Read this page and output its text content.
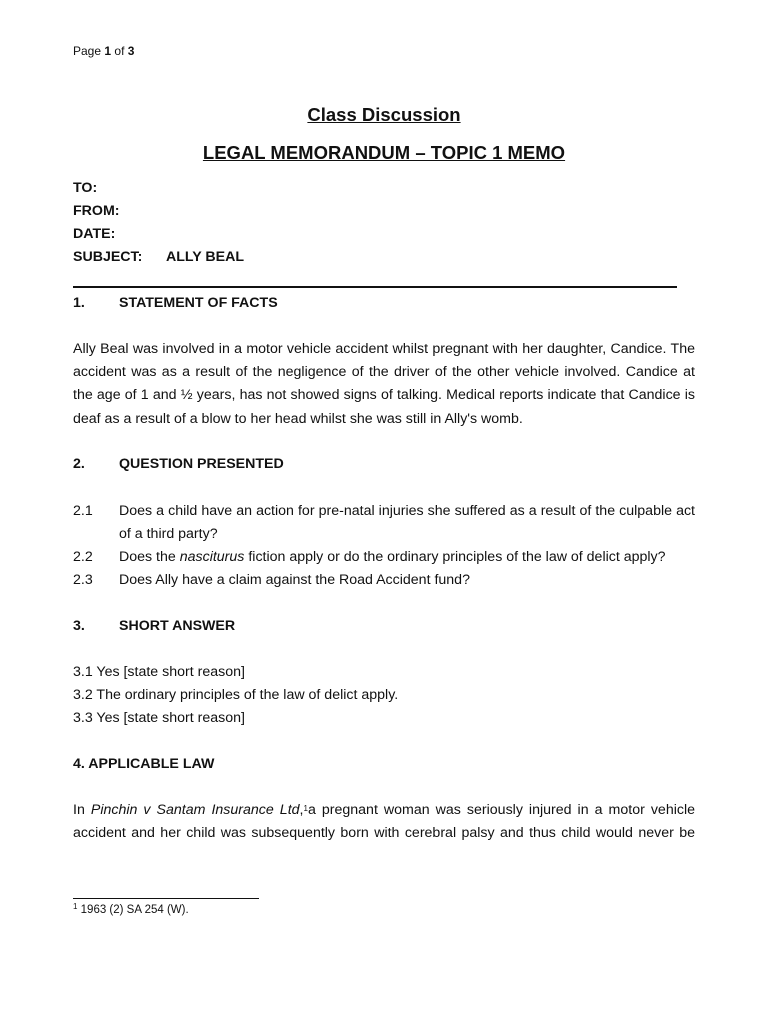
Page 1 of 3
Class Discussion
LEGAL MEMORANDUM – TOPIC 1 MEMO
TO:
FROM:
DATE:
SUBJECT: ALLY BEAL
1. STATEMENT OF FACTS
Ally Beal was involved in a motor vehicle accident whilst pregnant with her daughter, Candice. The
accident was as a result of the negligence of the driver of the other vehicle involved. Candice at
the age of 1 and ½ years, has not showed signs of talking. Medical reports indicate that Candice is
deaf as a result of a blow to her head whilst she was still in Ally's womb.
2. QUESTION PRESENTED
2.1 Does a child have an action for pre-natal injuries she suffered as a result of the culpable act
of a third party?
2.2 Does the nasciturus fiction apply or do the ordinary principles of the law of delict apply?
2.3 Does Ally have a claim against the Road Accident fund?
3. SHORT ANSWER
3.1 Yes [state short reason]
3.2 The ordinary principles of the law of delict apply.
3.3 Yes [state short reason]
4. APPLICABLE LAW
In Pinchin v Santam Insurance Ltd,$^1$a pregnant woman was seriously injured in a motor vehicle
accident and her child was subsequently born with cerebral palsy and thus child would never be
$^1$ 1963 (2) SA 254 (W).
